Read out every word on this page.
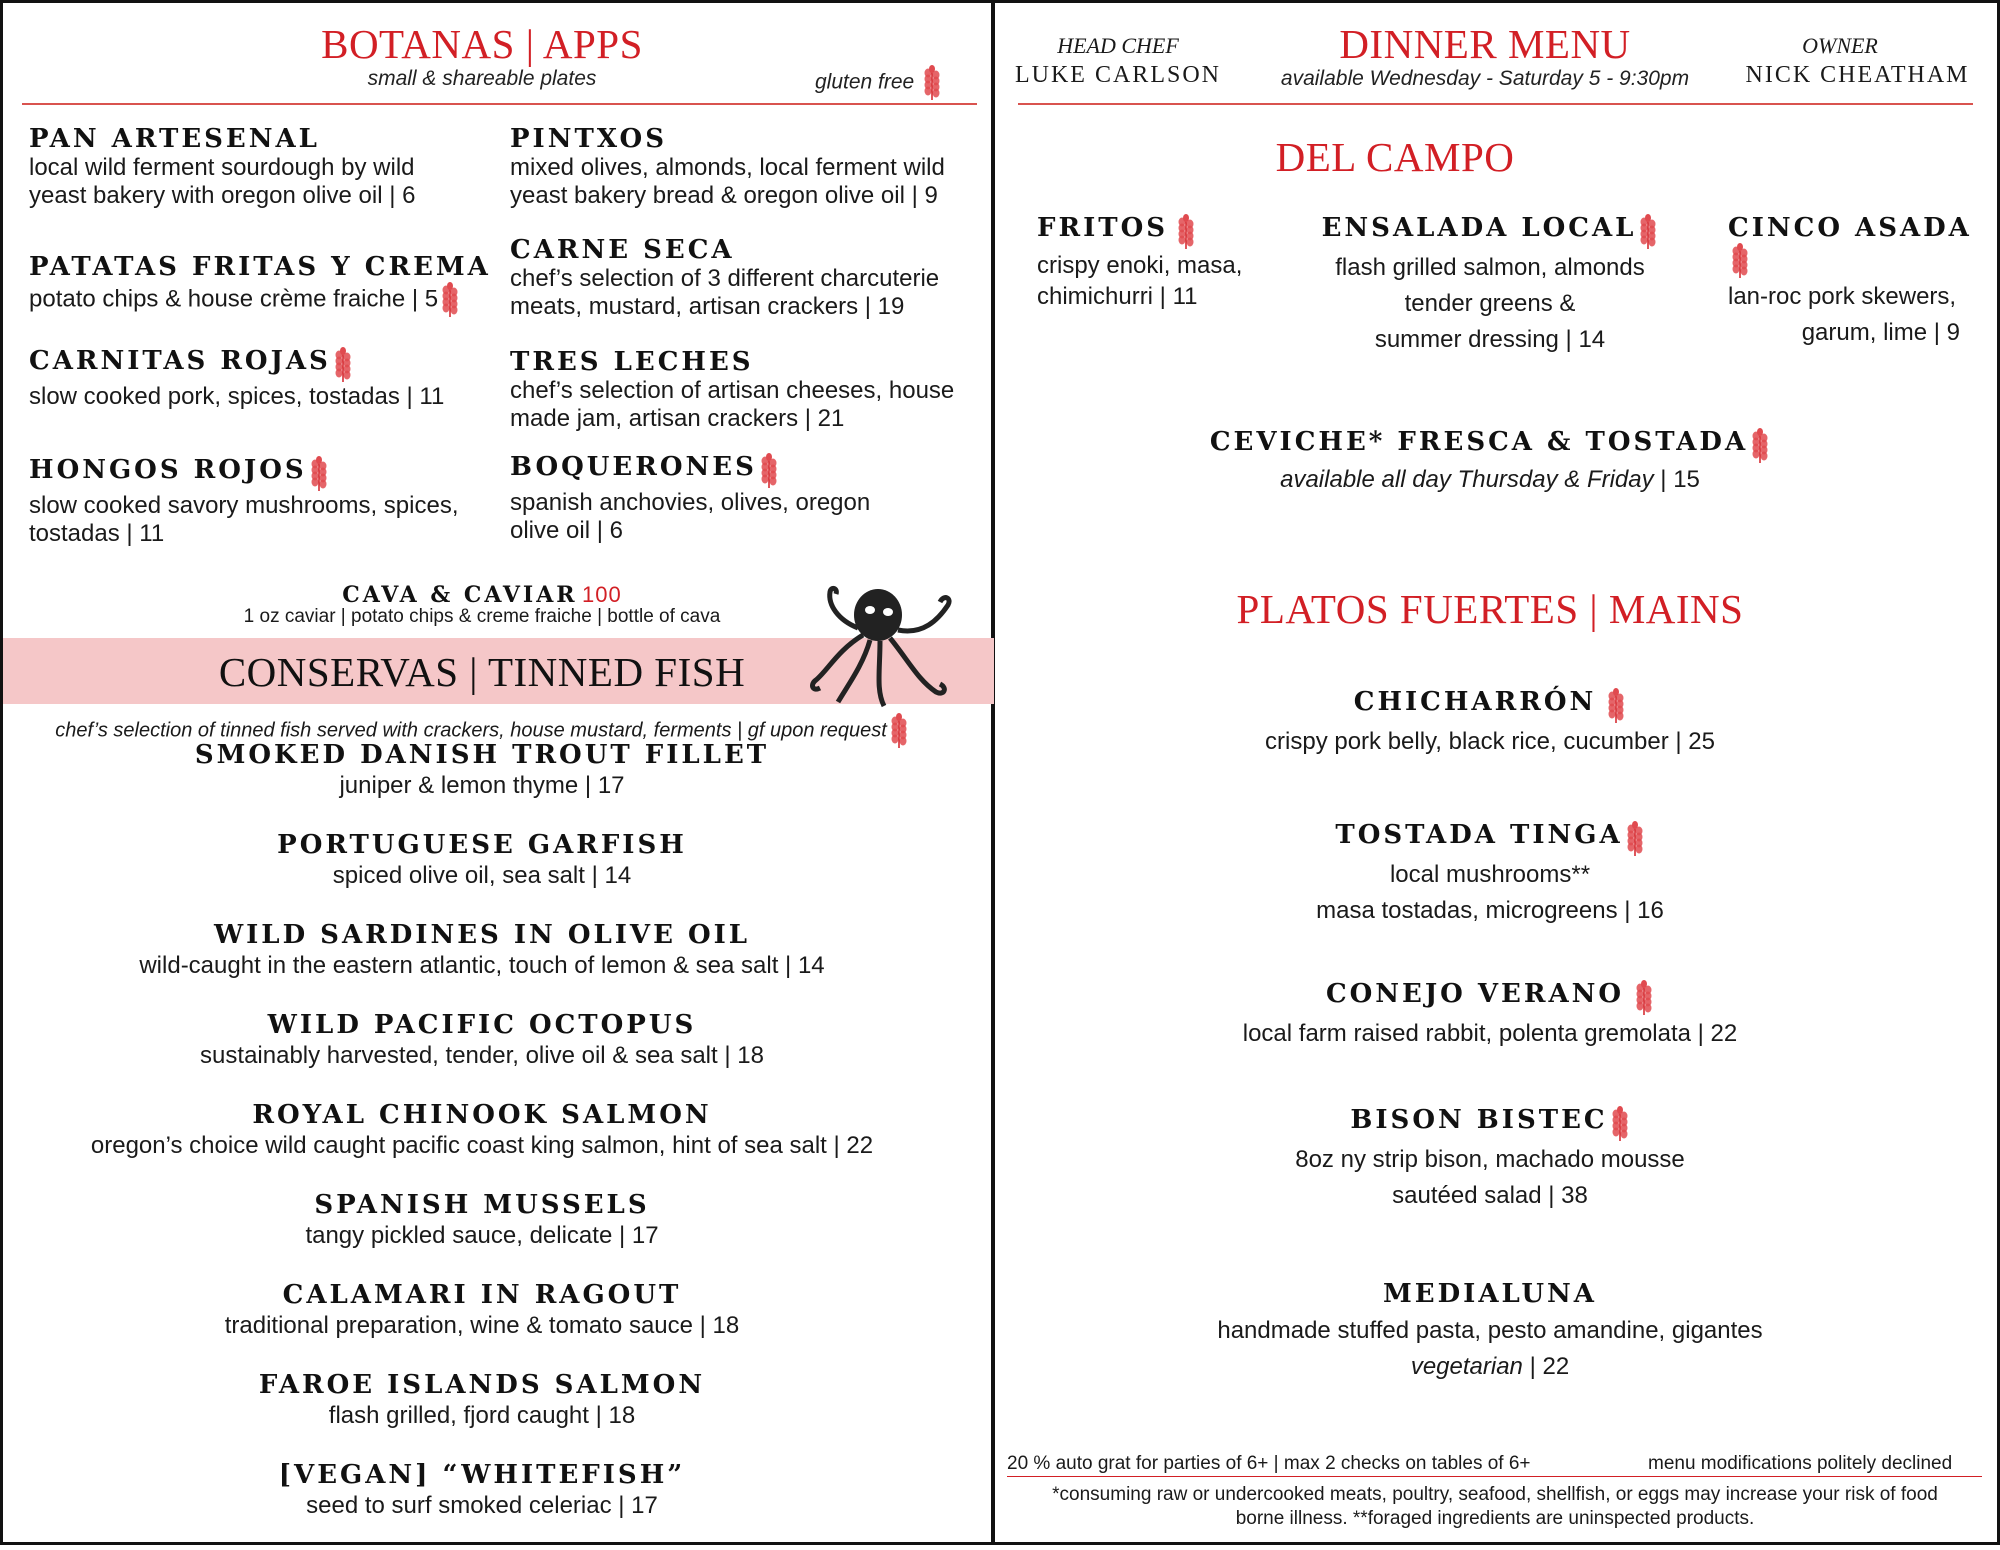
BOTANAS | APPS
small & shareable plates	gluten free
PAN ARTESENAL
local wild ferment sourdough by wild yeast bakery with oregon olive oil | 6
PATATAS FRITAS Y CREMA
potato chips & house crème fraiche | 5
CARNITAS ROJAS
slow cooked pork, spices, tostadas | 11
HONGOS ROJOS
slow cooked savory mushrooms, spices, tostadas | 11
PINTXOS
mixed olives, almonds, local ferment wild yeast bakery bread & oregon olive oil | 9
CARNE SECA
chef’s selection of 3 different charcuterie meats, mustard, artisan crackers | 19
TRES LECHES
chef’s selection of artisan cheeses, house made jam, artisan crackers | 21
BOQUERONES
spanish anchovies, olives, oregon olive oil | 6
CAVA & CAVIAR 100
1 oz caviar | potato chips & creme fraiche | bottle of cava
CONSERVAS | TINNED FISH
chef’s selection of tinned fish served with crackers, house mustard, ferments | gf upon request
SMOKED DANISH TROUT FILLET
juniper & lemon thyme | 17
PORTUGUESE GARFISH
spiced olive oil, sea salt | 14
WILD SARDINES IN OLIVE OIL
wild-caught in the eastern atlantic, touch of lemon & sea salt | 14
WILD PACIFIC OCTOPUS
sustainably harvested, tender, olive oil & sea salt | 18
ROYAL CHINOOK SALMON
oregon’s choice wild caught pacific coast king salmon, hint of sea salt | 22
SPANISH MUSSELS
tangy pickled sauce, delicate | 17
CALAMARI IN RAGOUT
traditional preparation, wine & tomato sauce | 18
FAROE ISLANDS SALMON
flash grilled, fjord caught | 18
[VEGAN] “WHITEFISH”
seed to surf smoked celeriac | 17
HEAD CHEF
LUKE CARLSON
DINNER MENU
available Wednesday - Saturday 5 - 9:30pm
OWNER
NICK CHEATHAM
DEL CAMPO
FRITOS
crispy enoki, masa,
chimichurri | 11
ENSALADA LOCAL
flash grilled salmon, almonds
tender greens &
summer dressing | 14
CINCO ASADA
lan-roc pork skewers,
garum, lime | 9
CEVICHE* FRESCA & TOSTADA
available all day Thursday & Friday | 15
PLATOS FUERTES | MAINS
CHICHARRÓN
crispy pork belly, black rice, cucumber | 25
TOSTADA TINGA
local mushrooms**
masa tostadas, microgreens | 16
CONEJO VERANO
local farm raised rabbit, polenta gremolata | 22
BISON BISTEC
8oz ny strip bison, machado mousse
sautéed salad | 38
MEDIALUNA
handmade stuffed pasta, pesto amandine, gigantes
vegetarian | 22
20 % auto grat for parties of 6+ | max 2 checks on tables of 6+	menu modifications politely declined
*consuming raw or undercooked meats, poultry, seafood, shellfish, or eggs may increase your risk of food
borne illness. **foraged ingredients are uninspected products.
